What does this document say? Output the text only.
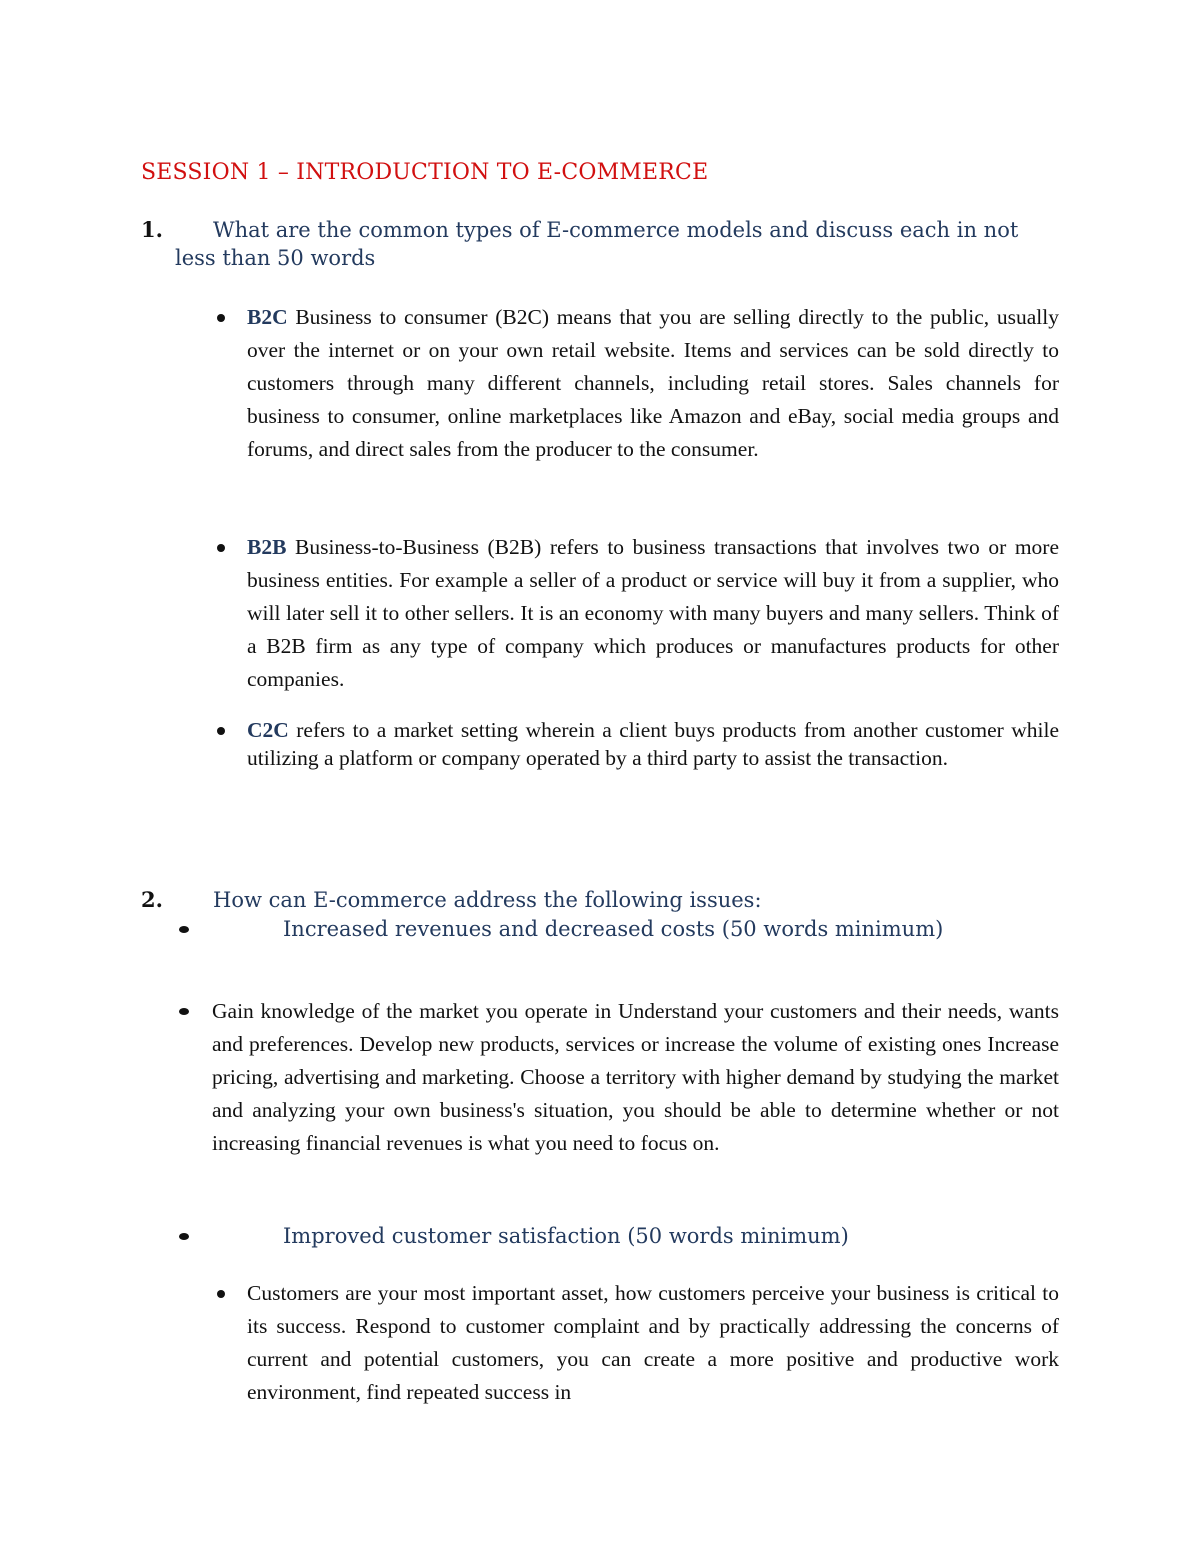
SESSION 1 – INTRODUCTION TO E-COMMERCE
1. What are the common types of E-commerce models and discuss each in not
less than 50 words
B2C Business to consumer (B2C) means that you are selling directly to the public, usually over the internet or on your own retail website. Items and services can be sold directly to customers through many different channels, including retail stores. Sales channels for business to consumer, online marketplaces like Amazon and eBay, social media groups and forums, and direct sales from the producer to the consumer.
B2B Business-to-Business (B2B) refers to business transactions that involves two or more business entities. For example a seller of a product or service will buy it from a supplier, who will later sell it to other sellers. It is an economy with many buyers and many sellers. Think of a B2B firm as any type of company which produces or manufactures products for other companies.
C2C refers to a market setting wherein a client buys products from another customer while utilizing a platform or company operated by a third party to assist the transaction.
2. How can E-commerce address the following issues:
Increased revenues and decreased costs (50 words minimum)
Gain knowledge of the market you operate in Understand your customers and their needs, wants and preferences. Develop new products, services or increase the volume of existing ones Increase pricing, advertising and marketing. Choose a territory with higher demand by studying the market and analyzing your own business's situation, you should be able to determine whether or not increasing financial revenues is what you need to focus on.
Improved customer satisfaction (50 words minimum)
Customers are your most important asset, how customers perceive your business is critical to its success. Respond to customer complaint and by practically addressing the concerns of current and potential customers, you can create a more positive and productive work environment, find repeated success in
